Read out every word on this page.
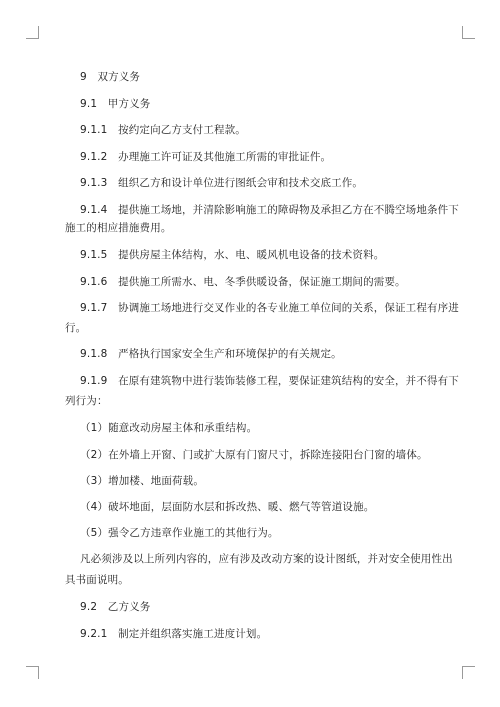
9　双方义务
9.1　甲方义务
9.1.1　按约定向乙方支付工程款。
9.1.2　办理施工许可证及其他施工所需的审批证件。
9.1.3　组织乙方和设计单位进行图纸会审和技术交底工作。
9.1.4　提供施工场地，并清除影响施工的障碍物及承担乙方在不腾空场地条件下
施工的相应措施费用。
9.1.5　提供房屋主体结构，水、电、暖风机电设备的技术资料。
9.1.6　提供施工所需水、电、冬季供暖设备，保证施工期间的需要。
9.1.7　协调施工场地进行交叉作业的各专业施工单位间的关系，保证工程有序进
行。
9.1.8　严格执行国家安全生产和环境保护的有关规定。
9.1.9　在原有建筑物中进行装饰装修工程，要保证建筑结构的安全，并不得有下
列行为：
（1）随意改动房屋主体和承重结构。
（2）在外墙上开窗、门或扩大原有门窗尺寸，拆除连接阳台门窗的墙体。
（3）增加楼、地面荷载。
（4）破坏地面，层面防水层和拆改热、暖、燃气等管道设施。
（5）强令乙方违章作业施工的其他行为。
凡必须涉及以上所列内容的，应有涉及改动方案的设计图纸，并对安全使用性出
具书面说明。
9.2　乙方义务
9.2.1　制定并组织落实施工进度计划。
